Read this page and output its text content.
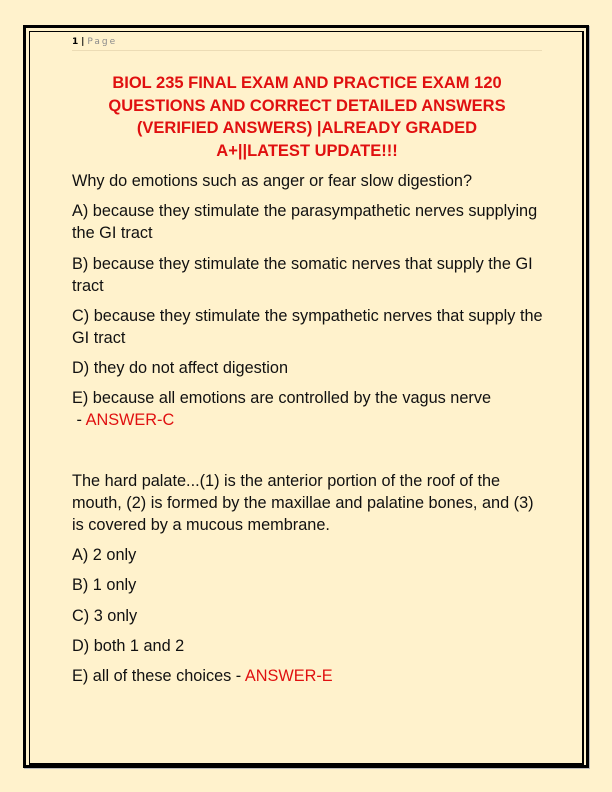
1 | Page
BIOL 235 FINAL EXAM AND PRACTICE EXAM 120
QUESTIONS AND CORRECT DETAILED ANSWERS
(VERIFIED ANSWERS) |ALREADY GRADED
A+||LATEST UPDATE!!!

Why do emotions such as anger or fear slow digestion?

A) because they stimulate the parasympathetic nerves supplying the GI tract

B) because they stimulate the somatic nerves that supply the GI tract

C) because they stimulate the sympathetic nerves that supply the GI tract

D) they do not affect digestion

E) because all emotions are controlled by the vagus nerve - ANSWER-C

The hard palate...(1) is the anterior portion of the roof of the mouth, (2) is formed by the maxillae and palatine bones, and (3) is covered by a mucous membrane.

A) 2 only

B) 1 only

C) 3 only

D) both 1 and 2

E) all of these choices - ANSWER-E
